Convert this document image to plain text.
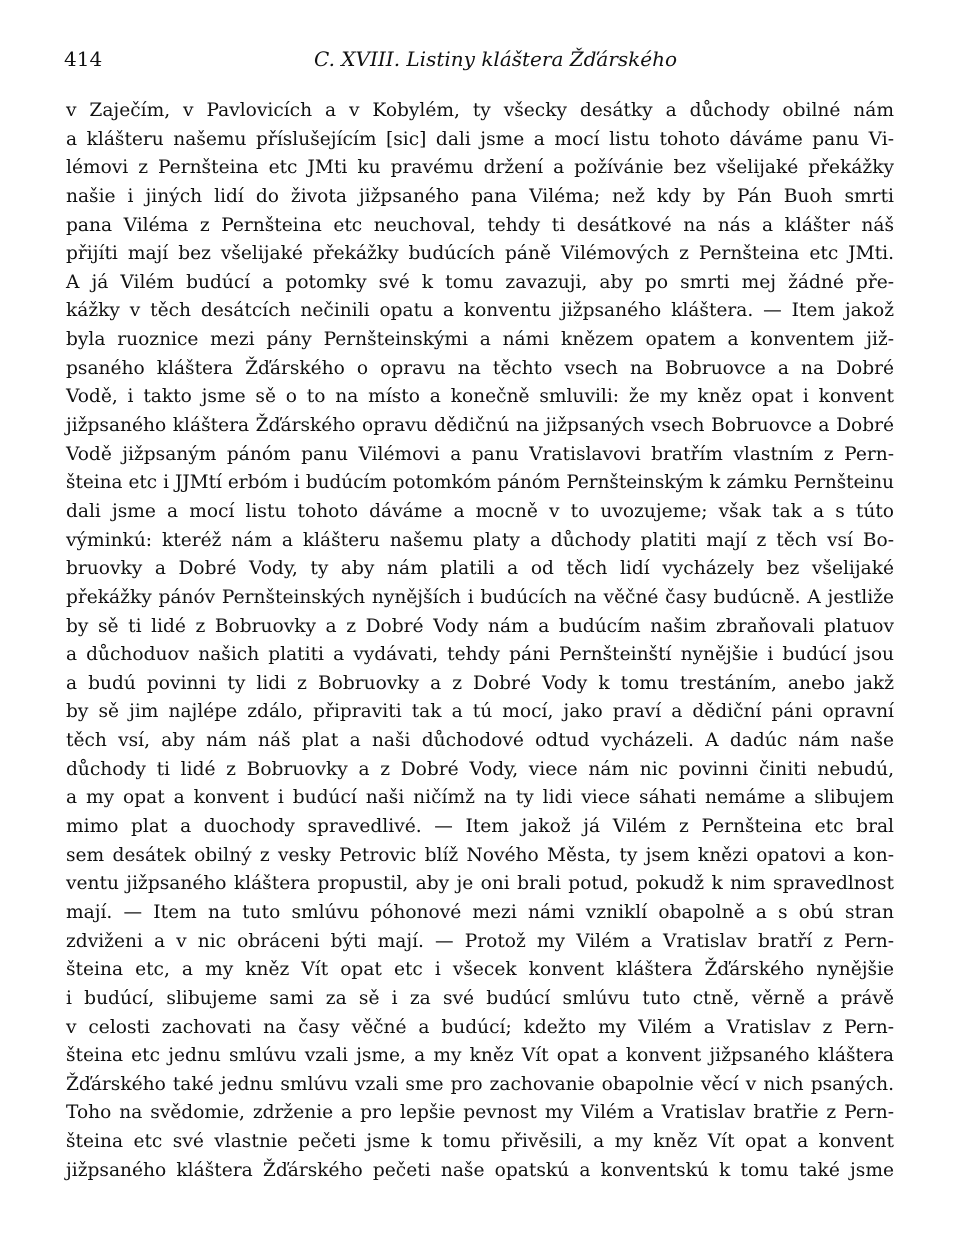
414	C. XVIII. Listiny kláštera Žďárského
v Zaječím, v Pavlovicích a v Kobylém, ty všecky desátky a důchody obilné nám
a klášteru našemu příslušejícím [sic] dali jsme a mocí listu tohoto dáváme panu Vi-
lémovi z Pernšteina etc JMti ku pravému držení a požívánie bez všelijaké překážky
našie i jiných lidí do života jižpsaného pana Viléma; než kdy by Pán Buoh smrti
pana Viléma z Pernšteina etc neuchoval, tehdy ti desátkové na nás a klášter náš
přijíti mají bez všelijaké překážky budúcích páně Vilémových z Pernšteina etc JMti.
A já Vilém budúcí a potomky své k tomu zavazuji, aby po smrti mej žádné pře-
kážky v těch desátcích nečinili opatu a konventu jižpsaného kláštera. — Item jakož
byla ruoznice mezi pány Pernšteinskými a námi knězem opatem a konventem již-
psaného kláštera Žďárského o opravu na těchto vsech na Bobruovce a na Dobré
Vodě, i takto jsme sě o to na místo a konečně smluvili: že my kněz opat i konvent
jižpsaného kláštera Žďárského opravu dědičnú na jižpsaných vsech Bobruovce a Dobré
Vodě jižpsaným pánóm panu Vilémovi a panu Vratislavovi bratřím vlastním z Pern-
šteina etc i JJMtí erbóm i budúcím potomkóm pánóm Pernšteinským k zámku Pernšteinu
dali jsme a mocí listu tohoto dáváme a mocně v to uvozujeme; však tak a s tútо
výminkú: kteréž nám a klášteru našemu platy a důchody platiti mají z těch vsí Bo-
bruovky a Dobré Vody, ty aby nám platili a od těch lidí vycházely bez všelijaké
překážky pánóv Pernšteinských nynějších i budúcích na věčné časy budúcně. A jestliže
by sě ti lidé z Bobruovky a z Dobré Vody nám a budúcím našim zbraňovali platuov
a důchoduov našich platiti a vydávati, tehdy páni Pernšteinští nynějšie i budúcí jsou
a budú povinni ty lidi z Bobruovky a z Dobré Vody k tomu trestáním, anebo jakž
by sě jim najlépe zdálo, připraviti tak a tú mocí, jako praví a dědiční páni opravní
těch vsí, aby nám náš plat a naši důchodové odtud vycházeli. A dadúc nám naše
důchody ti lidé z Bobruovky a z Dobré Vody, viece nám nic povinni činiti nebudú,
a my opat a konvent i budúcí naši ničímž na ty lidi viece sáhati nemáme a slibujem
mimo plat a duochody spravedlivé. — Item jakož já Vilém z Pernšteina etc bral
sem desátek obilný z vesky Petrovic blíž Nového Města, ty jsem knězi opatovi a kon-
ventu jižpsaného kláštera propustil, aby je oni brali potud, pokudž k nim spravedlnost
mají. — Item na tuto smlúvu póhonové mezi námi vzniklí obapolně a s obú stran
zdviženi a v nic obráceni býti mají. — Protož my Vilém a Vratislav bratří z Pern-
šteina etc, a my kněz Vít opat etc i všecek konvent kláštera Žďárského nynějšie
i budúcí, slibujeme sami za sě i za své budúcí smlúvu tuto ctně, věrně a právě
v celosti zachovati na časy věčné a budúcí; kdežto my Vilém a Vratislav z Pern-
šteina etc jednu smlúvu vzali jsme, a my kněz Vít opat a konvent jižpsaného kláštera
Žďárského také jednu smlúvu vzali sme pro zachovanie obapolnie věcí v nich psaných.
Toho na svědomie, zdrženie a pro lepšie pevnost my Vilém a Vratislav bratřie z Pern-
šteina etc své vlastnie pečeti jsme k tomu přivěsili, a my kněz Vít opat a konvent
jižpsaného kláštera Žďárského pečeti naše opatskú a konventskú k tomu také jsme
